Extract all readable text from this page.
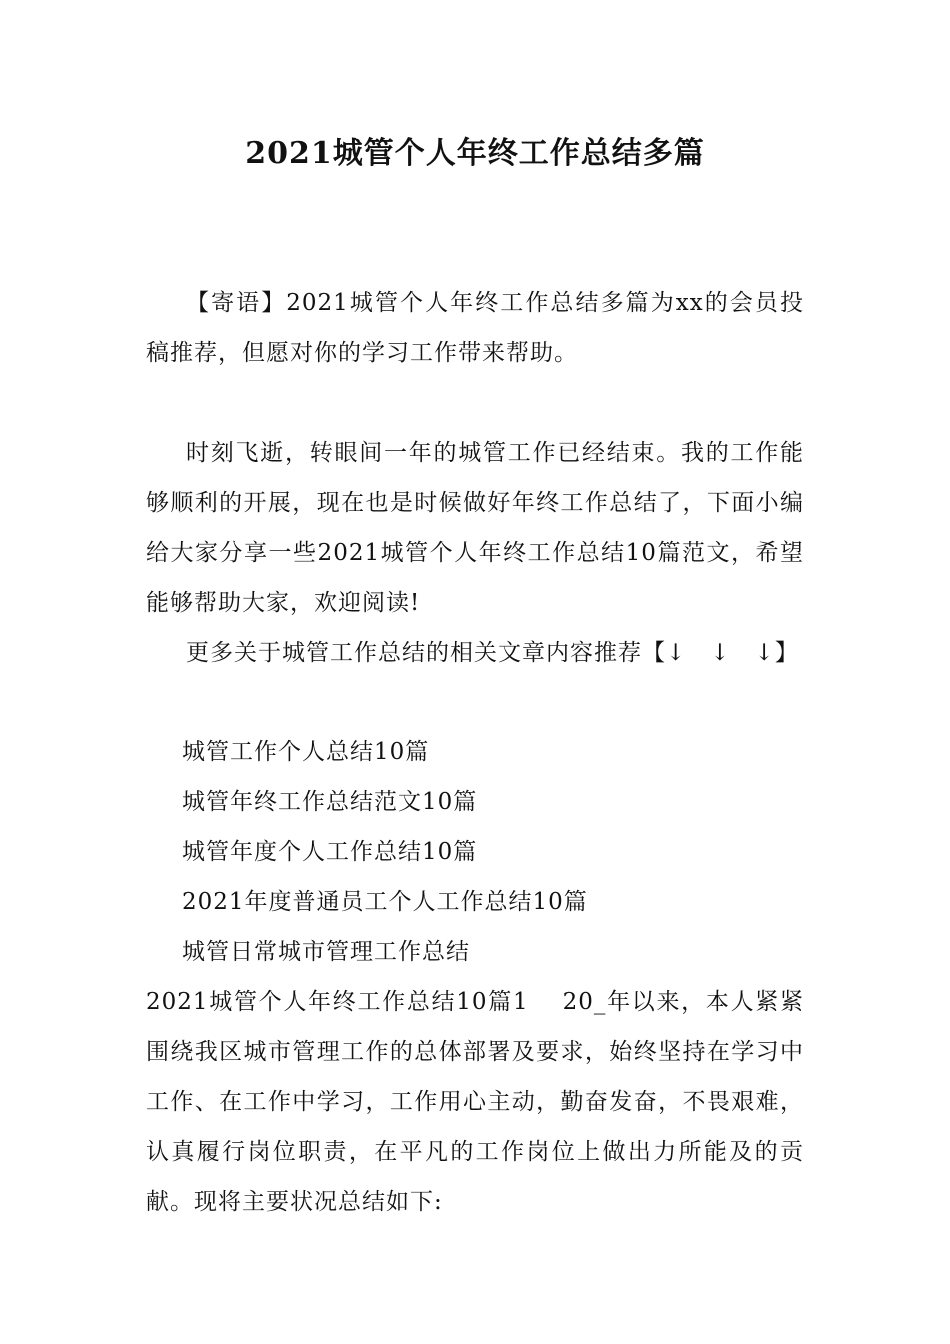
2021城管个人年终工作总结多篇

【寄语】2021城管个人年终工作总结多篇为xx的会员投稿推荐，但愿对你的学习工作带来帮助。

时刻飞逝，转眼间一年的城管工作已经结束。我的工作能够顺利的开展，现在也是时候做好年终工作总结了，下面小编给大家分享一些2021城管个人年终工作总结10篇范文，希望能够帮助大家，欢迎阅读!

更多关于城管工作总结的相关文章内容推荐【↓　↓　↓】

城管工作个人总结10篇

城管年终工作总结范文10篇

城管年度个人工作总结10篇

2021年度普通员工个人工作总结10篇

城管日常城市管理工作总结

2021城管个人年终工作总结10篇1 20_年以来，本人紧紧围绕我区城市管理工作的总体部署及要求，始终坚持在学习中工作、在工作中学习，工作用心主动，勤奋发奋，不畏艰难，认真履行岗位职责，在平凡的工作岗位上做出力所能及的贡献。现将主要状况总结如下:
